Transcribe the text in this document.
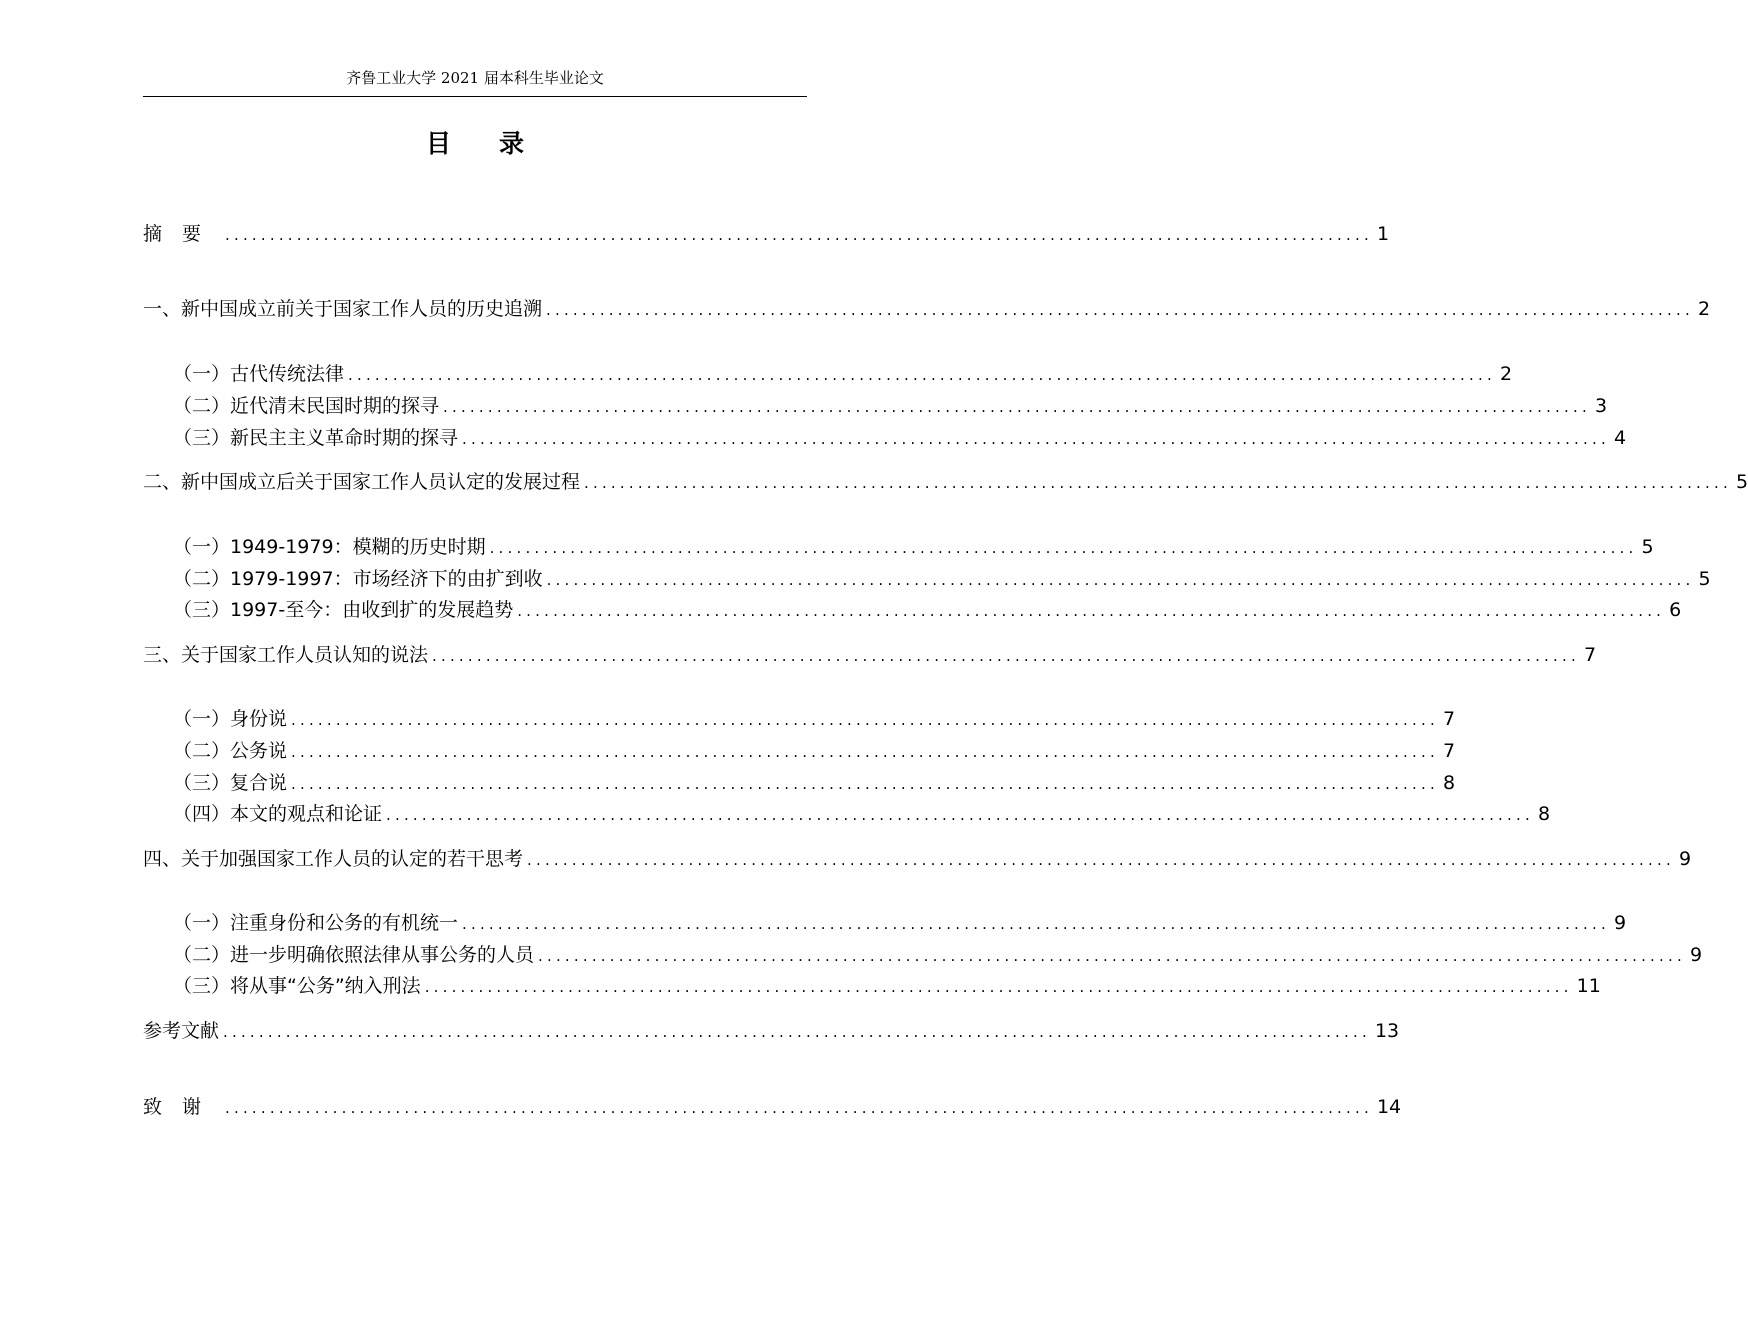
齐鲁工业大学 2021 届本科生毕业论文
目 录
摘要 ................................................................................................................................ 1
一、新中国成立前关于国家工作人员的历史追溯 ................................................................................................................................ 2
（一）古代传统法律 ................................................................................................................................ 2
（二）近代清末民国时期的探寻 ................................................................................................................................ 3
（三）新民主主义革命时期的探寻 ................................................................................................................................ 4
二、新中国成立后关于国家工作人员认定的发展过程 ................................................................................................................................ 5
（一）1949-1979：模糊的历史时期 ................................................................................................................................ 5
（二）1979-1997：市场经济下的由扩到收 ................................................................................................................................ 5
（三）1997-至今：由收到扩的发展趋势 ................................................................................................................................ 6
三、关于国家工作人员认知的说法 ................................................................................................................................ 7
（一）身份说 ................................................................................................................................ 7
（二）公务说 ................................................................................................................................ 7
（三）复合说 ................................................................................................................................ 8
（四）本文的观点和论证 ................................................................................................................................ 8
四、关于加强国家工作人员的认定的若干思考 ................................................................................................................................ 9
（一）注重身份和公务的有机统一 ................................................................................................................................ 9
（二）进一步明确依照法律从事公务的人员 ................................................................................................................................ 9
（三）将从事“公务”纳入刑法 ................................................................................................................................ 11
参考文献 ................................................................................................................................ 13
致谢 ................................................................................................................................ 14
